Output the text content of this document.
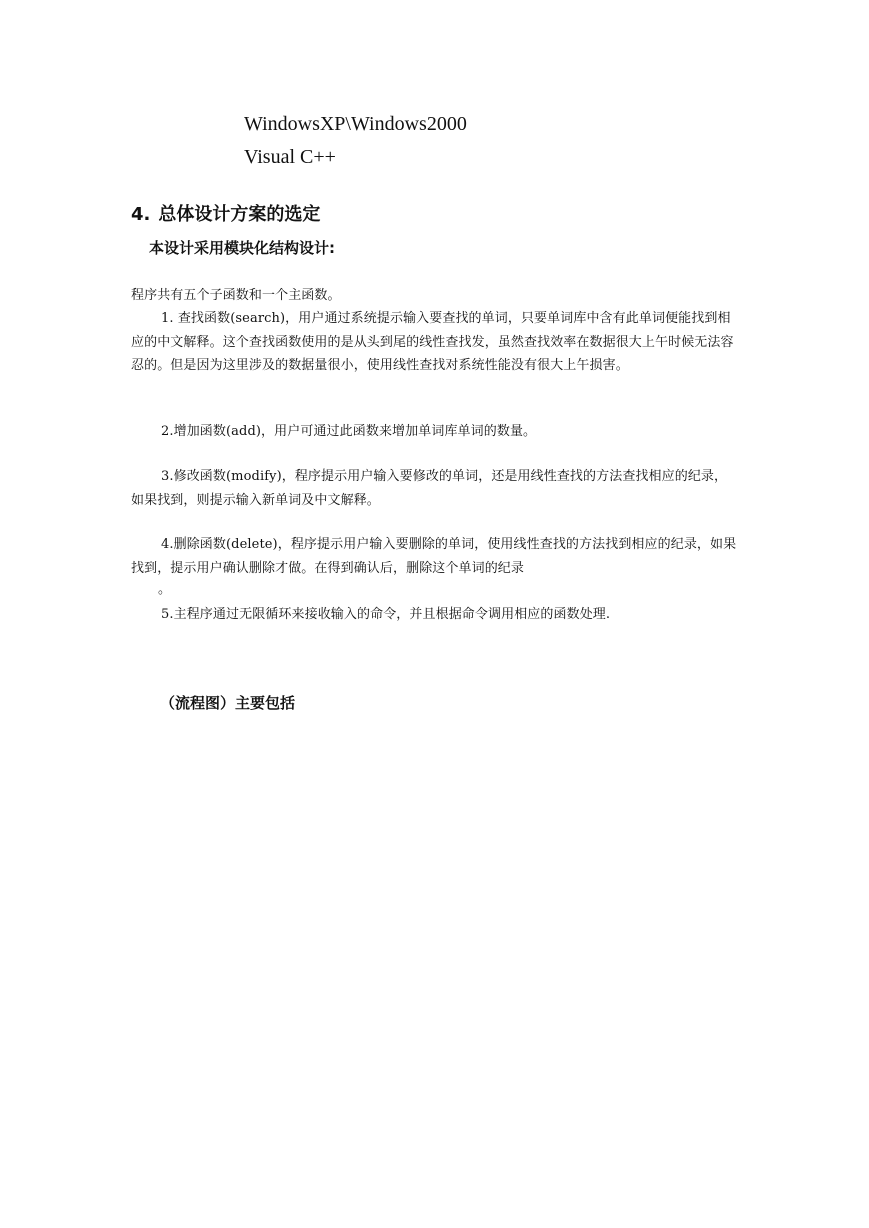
WindowsXP\Windows2000
Visual C++
4. 总体设计方案的选定
本设计采用模块化结构设计:
程序共有五个子函数和一个主函数。
1. 查找函数(search)，用户通过系统提示输入要查找的单词，只要单词库中含有此单词便能找到相应的中文解释。这个查找函数使用的是从头到尾的线性查找发，虽然查找效率在数据很大上午时候无法容忍的。但是因为这里涉及的数据量很小，使用线性查找对系统性能没有很大上午损害。
2.增加函数(add)，用户可通过此函数来增加单词库单词的数量。
3.修改函数(modify)，程序提示用户输入要修改的单词，还是用线性查找的方法查找相应的纪录，如果找到，则提示输入新单词及中文解释。
4.删除函数(delete)，程序提示用户输入要删除的单词，使用线性查找的方法找到相应的纪录，如果找到，提示用户确认删除才做。在得到确认后，删除这个单词的纪录
。
5.主程序通过无限循环来接收输入的命令，并且根据命令调用相应的函数处理.
（流程图）主要包括
